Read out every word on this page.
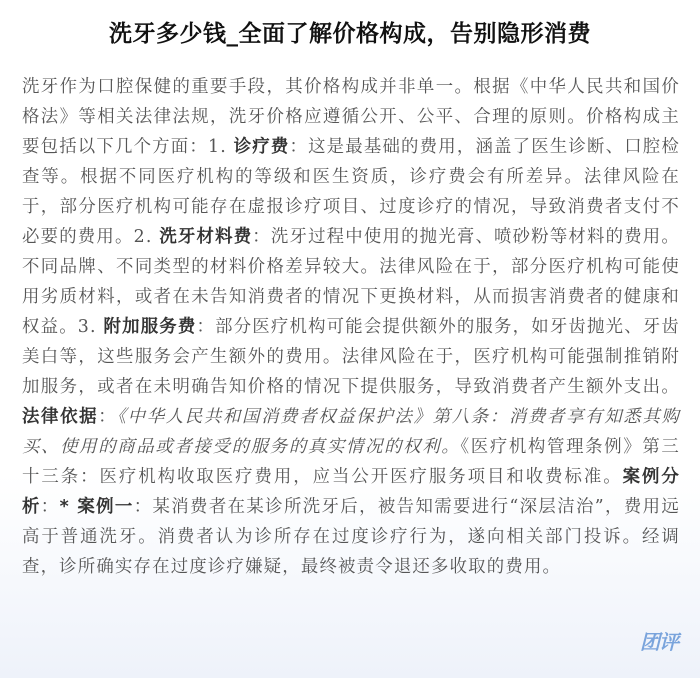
洗牙多少钱_全面了解价格构成，告别隐形消费
洗牙作为口腔保健的重要手段，其价格构成并非单一。根据《中华人民共和国价格法》等相关法律法规，洗牙价格应遵循公开、公平、合理的原则。价格构成主要包括以下几个方面：1. 诊疗费：这是最基础的费用，涵盖了医生诊断、口腔检查等。根据不同医疗机构的等级和医生资质，诊疗费会有所差异。法律风险在于，部分医疗机构可能存在虚报诊疗项目、过度诊疗的情况，导致消费者支付不必要的费用。2. 洗牙材料费：洗牙过程中使用的抛光膏、喷砂粉等材料的费用。不同品牌、不同类型的材料价格差异较大。法律风险在于，部分医疗机构可能使用劣质材料，或者在未告知消费者的情况下更换材料，从而损害消费者的健康和权益。3. 附加服务费：部分医疗机构可能会提供额外的服务，如牙齿抛光、牙齿美白等，这些服务会产生额外的费用。法律风险在于，医疗机构可能强制推销附加服务，或者在未明确告知价格的情况下提供服务，导致消费者产生额外支出。法律依据：《中华人民共和国消费者权益保护法》第八条：消费者享有知悉其购买、使用的商品或者接受的服务的真实情况的权利。《医疗机构管理条例》第三十三条：医疗机构收取医疗费用，应当公开医疗服务项目和收费标准。案例分析：* 案例一：某消费者在某诊所洗牙后，被告知需要进行“深层洁治”，费用远高于普通洗牙。消费者认为诊所存在过度诊疗行为，遂向相关部门投诉。经调查，诊所确实存在过度诊疗嫌疑，最终被责令退还多收取的费用。
团评
